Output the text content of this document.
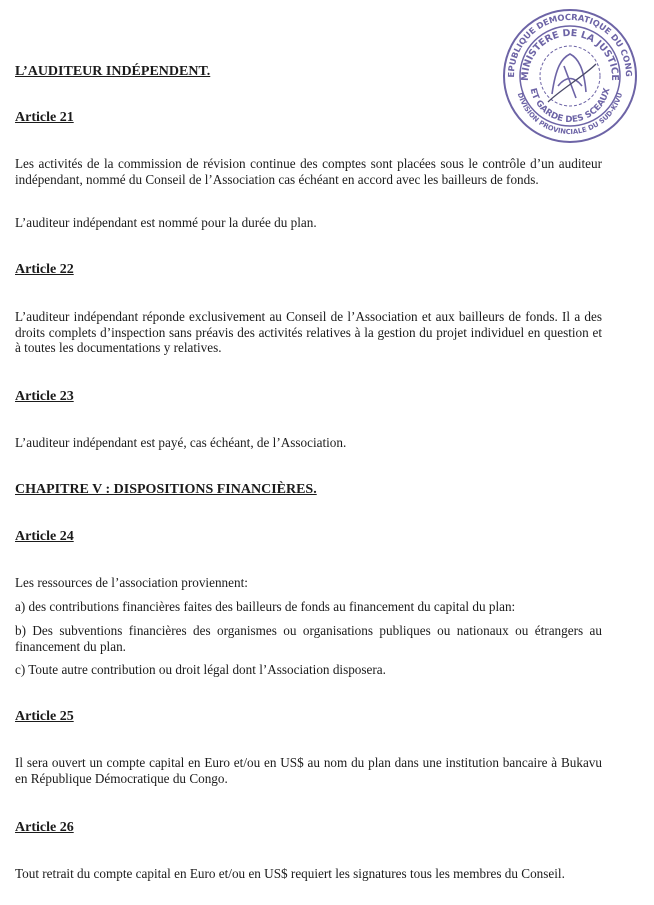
EPUBLIQUE DEMOCRATIQUE DU CONG
MINISTERE DE LA JUSTICE
ET GARDE DES SCEAUX
DIVISION PROVINCIALE DU SUD-KIVU
L’AUDITEUR INDÉPENDENT.
Article 21
Les activités de la commission de révision continue des comptes sont placées sous le contrôle d’un auditeur indépendant, nommé du Conseil de l’Association cas échéant en accord avec les bailleurs de fonds.
L’auditeur indépendant est nommé pour la durée du plan.
Article 22
L’auditeur indépendant réponde exclusivement au Conseil de l’Association et aux bailleurs de fonds. Il a des droits complets d’inspection sans préavis des activités relatives à la gestion du projet individuel en question et à toutes les documentations y relatives.
Article 23
L’auditeur indépendant est payé, cas échéant, de l’Association.
CHAPITRE V : DISPOSITIONS FINANCIÈRES.
Article 24
Les ressources de l’association proviennent:
a) des contributions financières faites des bailleurs de fonds au financement du capital du plan:
b) Des subventions financières des organismes ou organisations publiques ou nationaux ou étrangers au financement du plan.
c) Toute autre contribution ou droit légal dont l’Association disposera.
Article 25
Il sera ouvert un compte capital en Euro et/ou en US$ au nom du plan dans une institution bancaire à Bukavu en République Démocratique du Congo.
Article 26
Tout retrait du compte capital en Euro et/ou en US$ requiert les signatures tous les membres du Conseil.
